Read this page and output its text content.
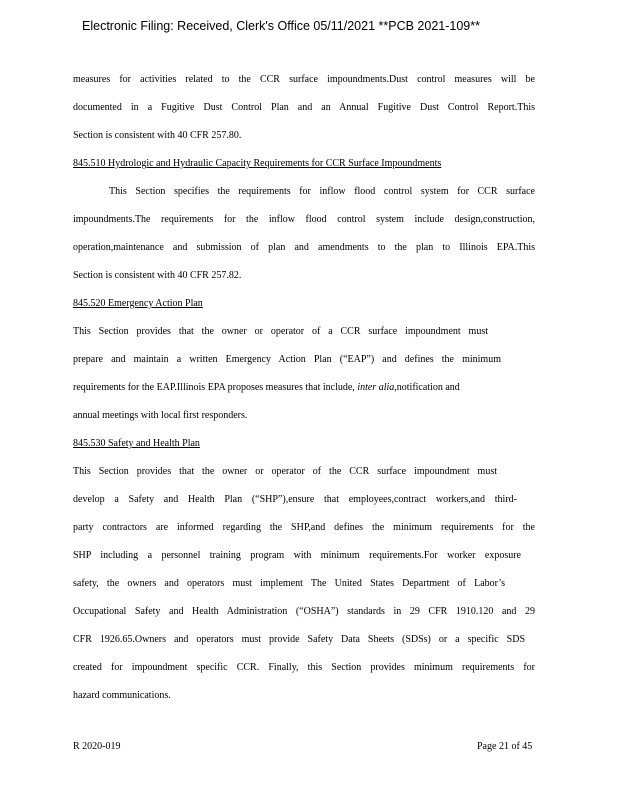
Electronic Filing: Received, Clerk's Office 05/11/2021 **PCB 2021-109**
measures for activities related to the CCR surface impoundments.Dust control measures will be
documented in a Fugitive Dust Control Plan and an Annual Fugitive Dust Control Report.This
Section is consistent with 40 CFR 257.80.
845.510 Hydrologic and Hydraulic Capacity Requirements for CCR Surface Impoundments
This Section specifies the requirements for inflow flood control system for CCR surface
impoundments.The requirements for the inflow flood control system include design,construction,
operation,maintenance and submission of plan and amendments to the plan to Illinois EPA.This
Section is consistent with 40 CFR 257.82.
845.520 Emergency Action Plan
This Section provides that the owner or operator of a CCR surface impoundment must
prepare and maintain a written Emergency Action Plan (“EAP”) and defines the minimum
requirements for the EAP.Illinois EPA proposes measures that include, inter alia,notification and
annual meetings with local first responders.
845.530 Safety and Health Plan
This Section provides that the owner or operator of the CCR surface impoundment must
develop a Safety and Health Plan (“SHP”),ensure that employees,contract workers,and third-
party contractors are informed regarding the SHP,and defines the minimum requirements for the
SHP including a personnel training program with minimum requirements.For worker exposure
safety, the owners and operators must implement The United States Department of Labor’s
Occupational Safety and Health Administration (“OSHA”) standards in 29 CFR 1910.120 and 29
CFR 1926.65.Owners and operators must provide Safety Data Sheets (SDSs) or a specific SDS
created for impoundment specific CCR. Finally, this Section provides minimum requirements for
hazard communications.
R 2020-019	Page 21 of 45
